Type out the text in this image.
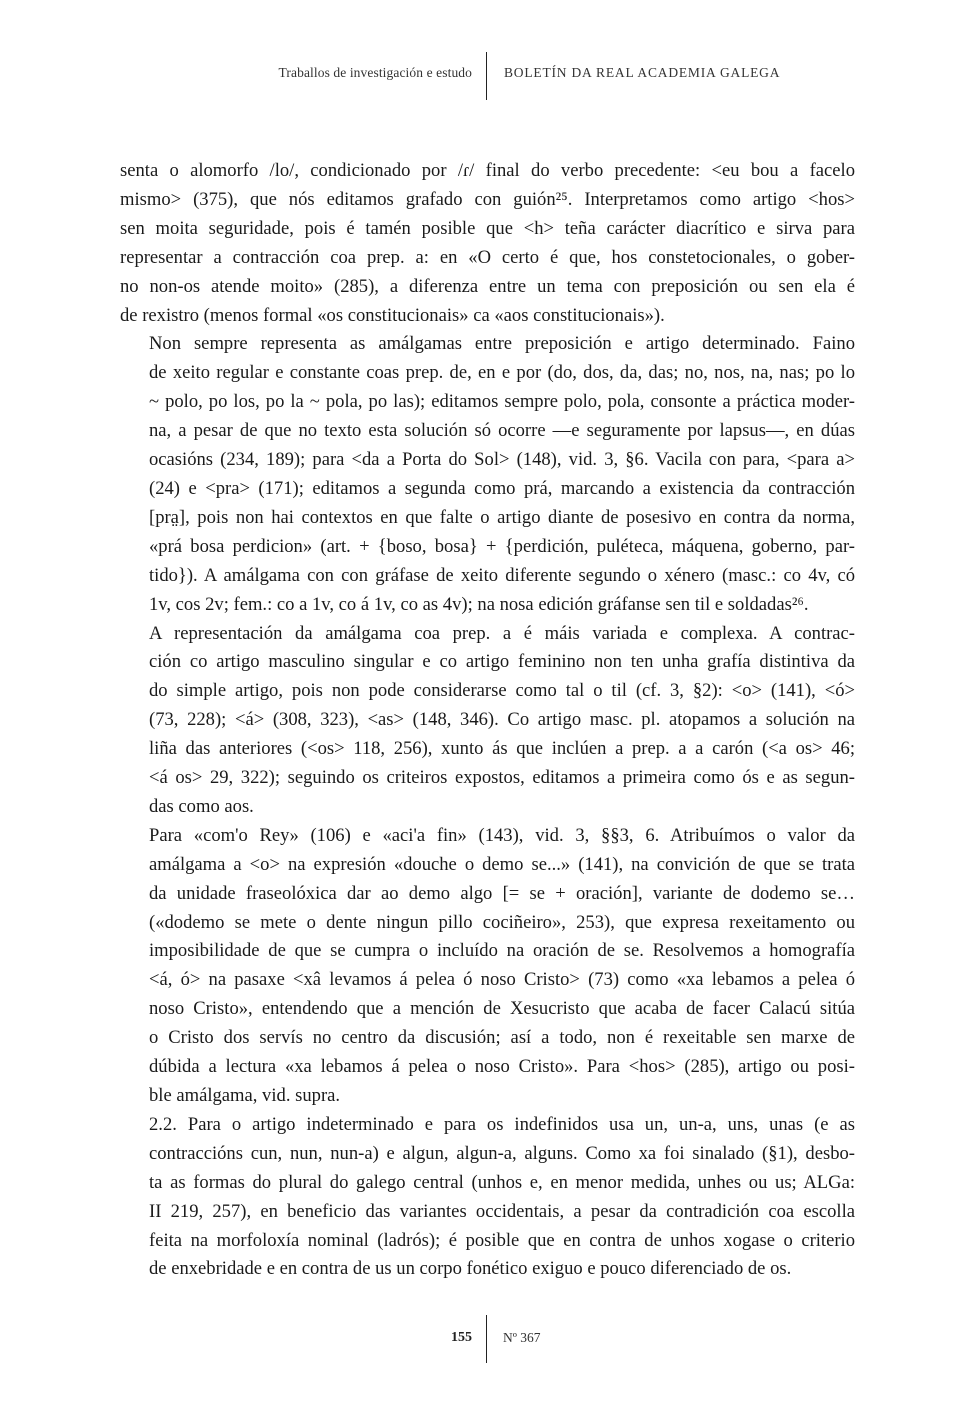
Traballos de investigación e estudo BOLETÍN DA REAL ACADEMIA GALEGA
senta o alomorfo /lo/, condicionado por /ɾ/ final do verbo precedente: <eu bou a facelo
mismo> (375), que nós editamos grafado con guión²⁵. Interpretamos como artigo <hos>
sen moita seguridade, pois é tamén posible que <h> teña carácter diacrítico e sirva para
representar a contracción coa prep. a: en «O certo é que, hos constetocionales, o gober-
no non-os atende moito» (285), a diferenza entre un tema con preposición ou sen ela é
de rexistro (menos formal «os constitucionais» ca «aos constitucionais»).
Non sempre representa as amálgamas entre preposición e artigo determinado. Faino
de xeito regular e constante coas prep. de, en e por (do, dos, da, das; no, nos, na, nas; po lo
~ polo, po los, po la ~ pola, po las); editamos sempre polo, pola, consonte a práctica moder-
na, a pesar de que no texto esta solución só ocorre —e seguramente por lapsus—, en dúas
ocasións (234, 189); para <da a Porta do Sol> (148), vid. 3, §6. Vacila con para, <para a>
(24) e <pra> (171); editamos a segunda como prá, marcando a existencia da contracción
[pra̤], pois non hai contextos en que falte o artigo diante de posesivo en contra da norma,
«prá bosa perdicion» (art. + {boso, bosa} + {perdición, puléteca, máquena, goberno, par-
tido}). A amálgama con con gráfase de xeito diferente segundo o xénero (masc.: co 4v, có
1v, cos 2v; fem.: co a 1v, co á 1v, co as 4v); na nosa edición gráfanse sen til e soldadas²⁶.
A representación da amálgama coa prep. a é máis variada e complexa. A contrac-
ción co artigo masculino singular e co artigo feminino non ten unha grafía distintiva da
do simple artigo, pois non pode considerarse como tal o til (cf. 3, §2): <o> (141), <ó>
(73, 228); <á> (308, 323), <as> (148, 346). Co artigo masc. pl. atopamos a solución na
liña das anteriores (<os> 118, 256), xunto ás que inclúen a prep. a a carón (<a os> 46;
<á os> 29, 322); seguindo os criteiros expostos, editamos a primeira como ós e as segun-
das como aos.
Para «com'o Rey» (106) e «aci'a fin» (143), vid. 3, §§3, 6. Atribuímos o valor da
amálgama a <o> na expresión «douche o demo se...» (141), na convición de que se trata
da unidade fraseolóxica dar ao demo algo [= se + oración], variante de dodemo se…
(«dodemo se mete o dente ningun pillo cociñeiro», 253), que expresa rexeitamento ou
imposibilidade de que se cumpra o incluído na oración de se. Resolvemos a homografía
<á, ó> na pasaxe <xâ levamos á pelea ó noso Cristo> (73) como «xa lebamos a pelea ó
noso Cristo», entendendo que a mención de Xesucristo que acaba de facer Calacú sitúa
o Cristo dos servís no centro da discusión; así a todo, non é rexeitable sen marxe de
dúbida a lectura «xa lebamos á pelea o noso Cristo». Para <hos> (285), artigo ou posi-
ble amálgama, vid. supra.
2.2. Para o artigo indeterminado e para os indefinidos usa un, un-a, uns, unas (e as
contraccións cun, nun, nun-a) e algun, algun-a, alguns. Como xa foi sinalado (§1), desbo-
ta as formas do plural do galego central (unhos e, en menor medida, unhes ou us; ALGa:
II 219, 257), en beneficio das variantes occidentais, a pesar da contradición coa escolla
feita na morfoloxía nominal (ladrós); é posible que en contra de unhos xogase o criterio
de enxebridade e en contra de us un corpo fonético exiguo e pouco diferenciado de os.
155 Nº 367
